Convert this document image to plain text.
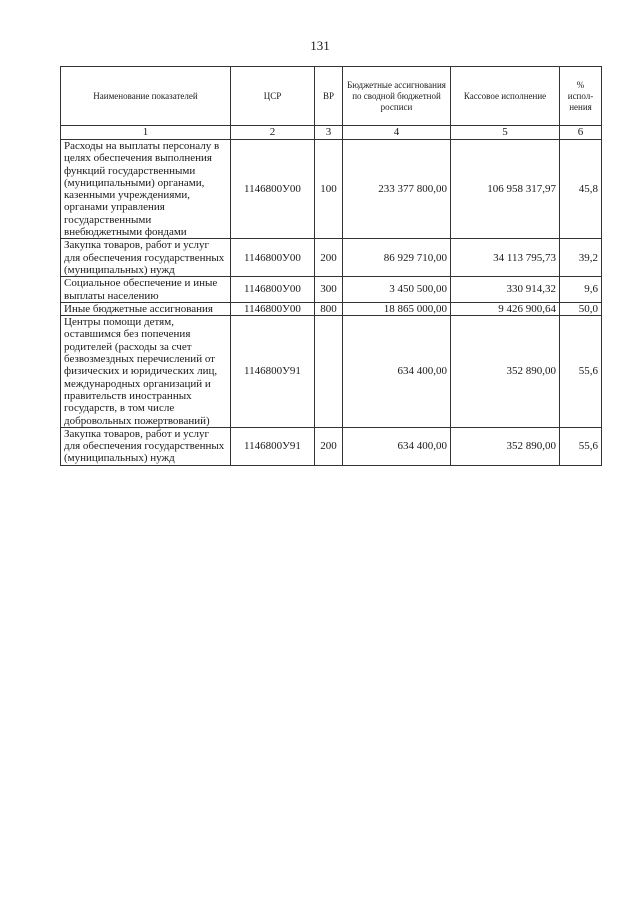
131
Наименование показателей	ЦСР	ВР	Бюджетные ассигнования по сводной бюджетной росписи	Кассовое исполнение	% испол-нения
1	2	3	4	5	6
Расходы на выплаты персоналу в целях обеспечения выполнения функций государственными (муниципальными) органами, казенными учреждениями, органами управления государственными внебюджетными фондами	1146800У00	100	233 377 800,00	106 958 317,97	45,8
Закупка товаров, работ и услуг для обеспечения государственных (муниципальных) нужд	1146800У00	200	86 929 710,00	34 113 795,73	39,2
Социальное обеспечение и иные выплаты населению	1146800У00	300	3 450 500,00	330 914,32	9,6
Иные бюджетные ассигнования	1146800У00	800	18 865 000,00	9 426 900,64	50,0
Центры помощи детям, оставшимся без попечения родителей (расходы за счет безвозмездных перечислений от физических и юридических лиц, международных организаций и правительств иностранных государств, в том числе добровольных пожертвований)	1146800У91		634 400,00	352 890,00	55,6
Закупка товаров, работ и услуг для обеспечения государственных (муниципальных) нужд	1146800У91	200	634 400,00	352 890,00	55,6
